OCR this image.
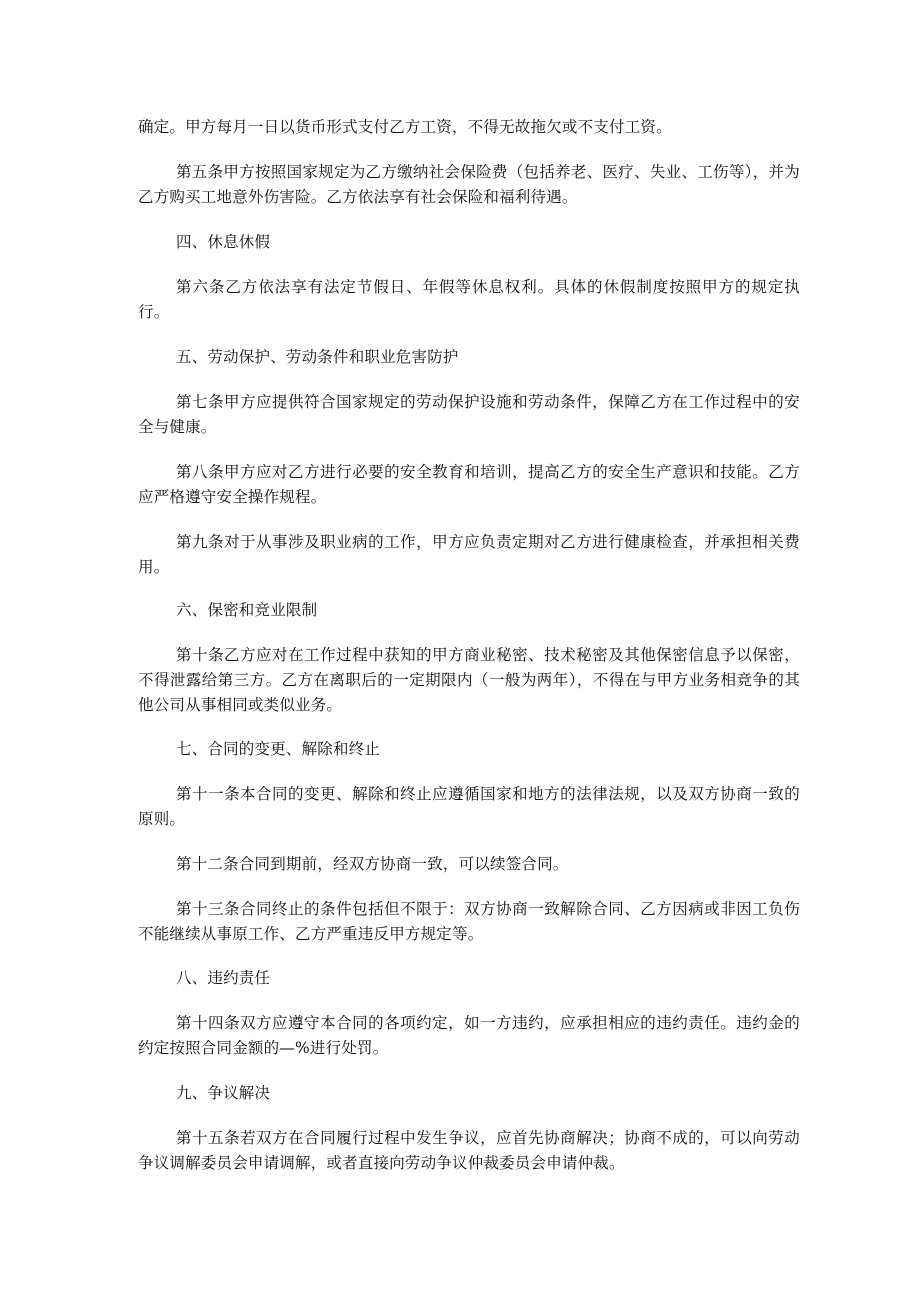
确定。甲方每月一日以货币形式支付乙方工资，不得无故拖欠或不支付工资。

第五条甲方按照国家规定为乙方缴纳社会保险费（包括养老、医疗、失业、工伤等），并为乙方购买工地意外伤害险。乙方依法享有社会保险和福利待遇。

四、休息休假

第六条乙方依法享有法定节假日、年假等休息权利。具体的休假制度按照甲方的规定执行。

五、劳动保护、劳动条件和职业危害防护

第七条甲方应提供符合国家规定的劳动保护设施和劳动条件，保障乙方在工作过程中的安全与健康。

第八条甲方应对乙方进行必要的安全教育和培训，提高乙方的安全生产意识和技能。乙方应严格遵守安全操作规程。

第九条对于从事涉及职业病的工作，甲方应负责定期对乙方进行健康检查，并承担相关费用。

六、保密和竞业限制

第十条乙方应对在工作过程中获知的甲方商业秘密、技术秘密及其他保密信息予以保密，不得泄露给第三方。乙方在离职后的一定期限内（一般为两年），不得在与甲方业务相竞争的其他公司从事相同或类似业务。

七、合同的变更、解除和终止

第十一条本合同的变更、解除和终止应遵循国家和地方的法律法规，以及双方协商一致的原则。

第十二条合同到期前，经双方协商一致，可以续签合同。

第十三条合同终止的条件包括但不限于：双方协商一致解除合同、乙方因病或非因工负伤不能继续从事原工作、乙方严重违反甲方规定等。

八、违约责任

第十四条双方应遵守本合同的各项约定，如一方违约，应承担相应的违约责任。违约金的约定按照合同金额的—%进行处罚。

九、争议解决

第十五条若双方在合同履行过程中发生争议，应首先协商解决；协商不成的，可以向劳动争议调解委员会申请调解，或者直接向劳动争议仲裁委员会申请仲裁。
